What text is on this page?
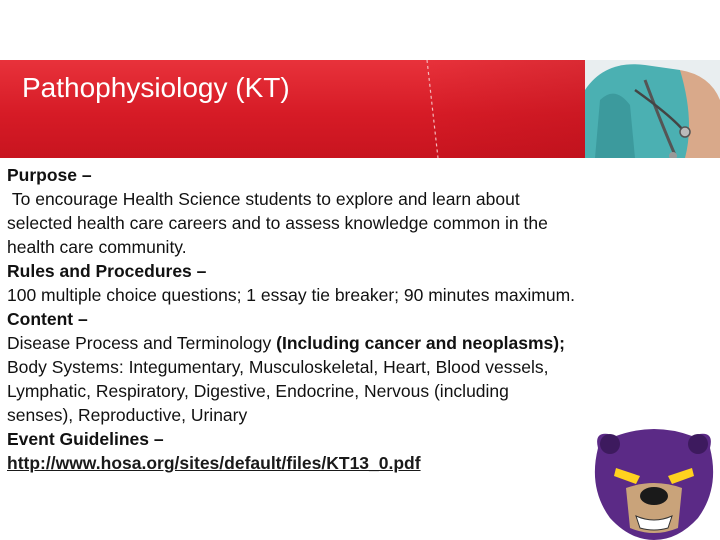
Pathophysiology (KT)

Purpose –

To encourage Health Science students to explore and learn about selected health care careers and to assess knowledge common in the health care community.

Rules and Procedures –

100 multiple choice questions; 1 essay tie breaker; 90 minutes maximum.

Content –

Disease Process and Terminology (Including cancer and neoplasms); Body Systems: Integumentary, Musculoskeletal, Heart, Blood vessels, Lymphatic, Respiratory, Digestive, Endocrine, Nervous (including senses), Reproductive, Urinary

Event Guidelines –

http://www.hosa.org/sites/default/files/KT13_0.pdf
